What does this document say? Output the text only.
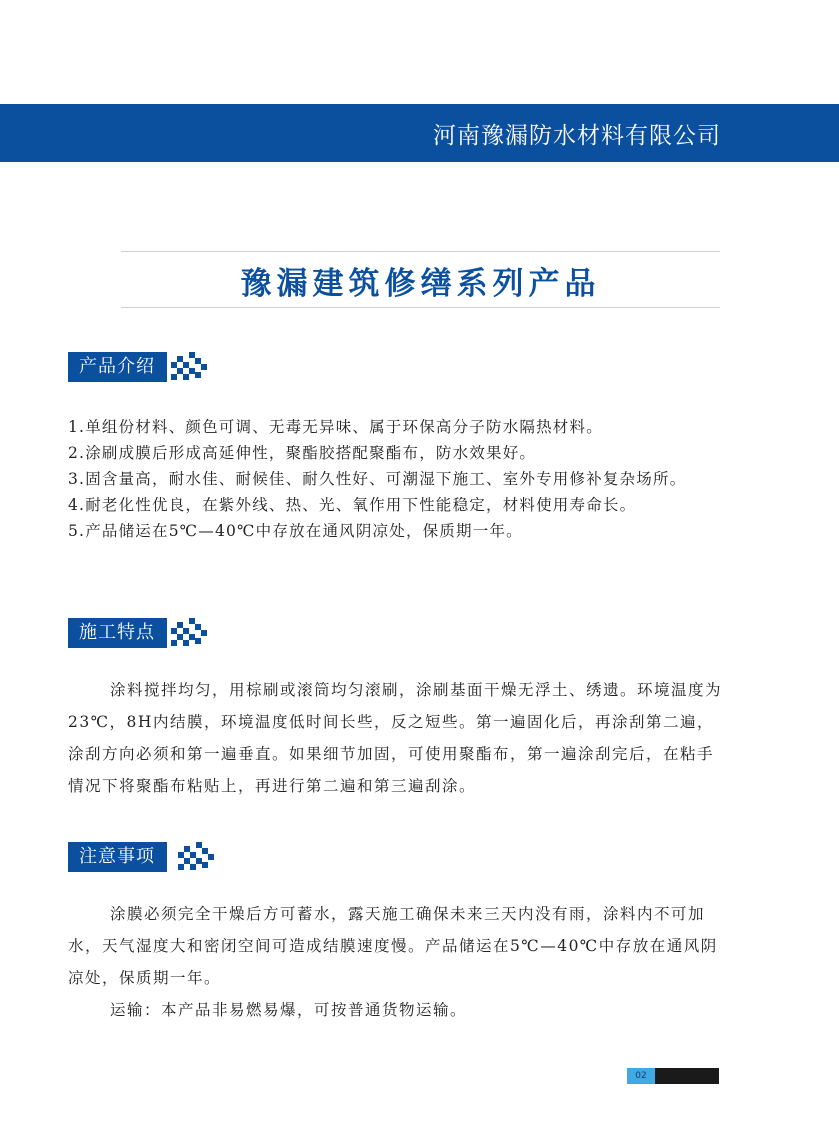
河南豫漏防水材料有限公司
豫漏建筑修缮系列产品
产品介绍
1.单组份材料、颜色可调、无毒无异味、属于环保高分子防水隔热材料。
2.涂刷成膜后形成高延伸性，聚酯胶搭配聚酯布，防水效果好。
3.固含量高，耐水佳、耐候佳、耐久性好、可潮湿下施工、室外专用修补复杂场所。
4.耐老化性优良，在紫外线、热、光、氧作用下性能稳定，材料使用寿命长。
5.产品储运在5℃—40℃中存放在通风阴凉处，保质期一年。
施工特点

涂料搅拌均匀，用棕刷或滚筒均匀滚刷，涂刷基面干燥无浮土、绣遗。环境温度为23℃，8H内结膜，环境温度低时间长些，反之短些。第一遍固化后，再涂刮第二遍，涂刮方向必须和第一遍垂直。如果细节加固，可使用聚酯布，第一遍涂刮完后，在粘手情况下将聚酯布粘贴上，再进行第二遍和第三遍刮涂。

注意事项

涂膜必须完全干燥后方可蓄水，露天施工确保未来三天内没有雨，涂料内不可加水，天气湿度大和密闭空间可造成结膜速度慢。产品储运在5℃—40℃中存放在通风阴凉处，保质期一年。

运输：本产品非易燃易爆，可按普通货物运输。

02
